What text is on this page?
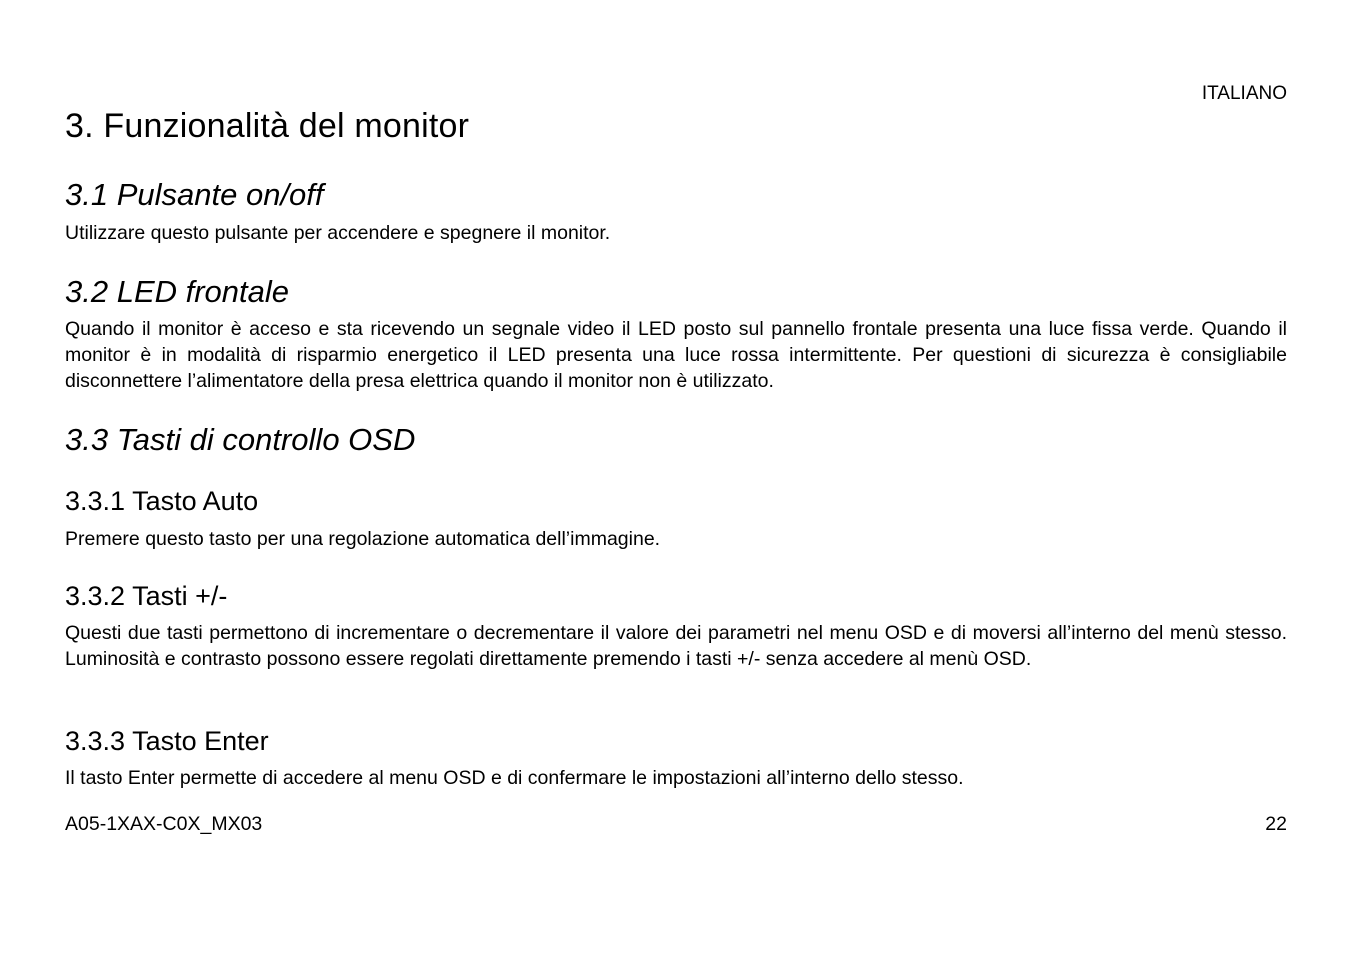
ITALIANO

3. Funzionalità del monitor
3.1 Pulsante on/off

Utilizzare questo pulsante per accendere e spegnere il monitor.

3.2 LED frontale

Quando il monitor è acceso e sta ricevendo un segnale video il LED posto sul pannello frontale presenta una luce fissa verde. Quando il monitor è in modalità di risparmio energetico il LED presenta una luce rossa intermittente. Per questioni di sicurezza è consigliabile disconnettere l’alimentatore della presa elettrica quando il monitor non è utilizzato.

3.3 Tasti di controllo OSD
3.3.1 Tasto Auto

Premere questo tasto per una regolazione automatica dell’immagine.

3.3.2 Tasti +/-

Questi due tasti permettono di incrementare o decrementare il valore dei parametri nel menu OSD e di moversi all’interno del menù stesso. Luminosità e contrasto possono essere regolati direttamente premendo i tasti +/- senza accedere al menù OSD.

3.3.3 Tasto Enter

Il tasto Enter permette di accedere al menu OSD e di confermare le impostazioni all’interno dello stesso.

A05-1XAX-C0X_MX03	22
